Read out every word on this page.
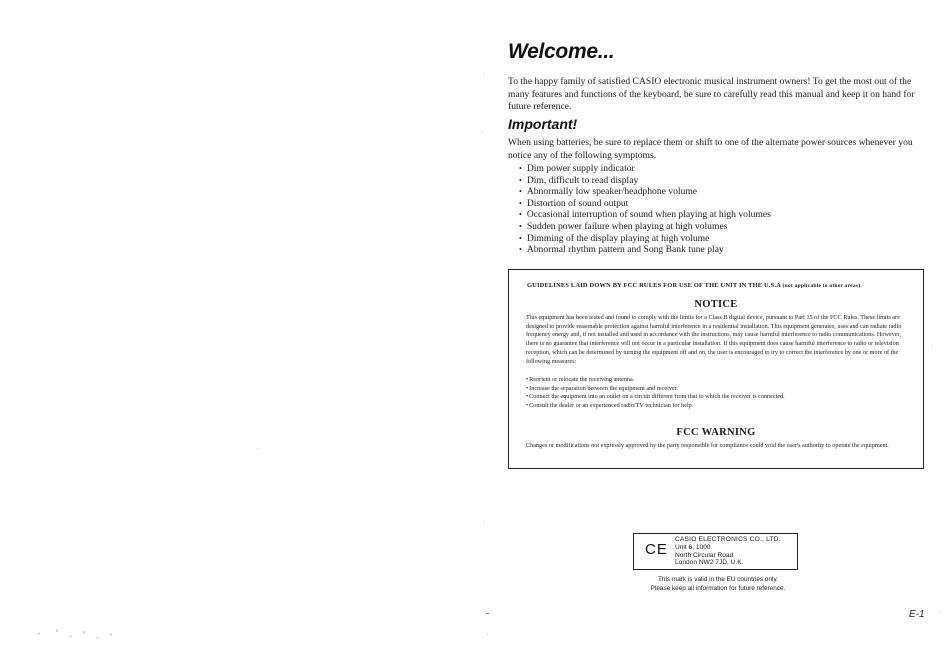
Welcome...

To the happy family of satisfied CASIO electronic musical instrument owners! To get the most out of the many features and functions of the keyboard, be sure to carefully read this manual and keep it on hand for future reference.

Important!

When using batteries, be sure to replace them or shift to one of the alternate power sources whenever you notice any of the following symptoms.

• Dim power supply indicator
• Dim, difficult to read display
• Abnormally low speaker/headphone volume
• Distortion of sound output
• Occasional interruption of sound when playing at high volumes
• Sudden power failure when playing at high volumes
• Dimming of the display playing at high volume
• Abnormal rhythm pattern and Song Bank tune play

GUIDELINES LAID DOWN BY FCC RULES FOR USE OF THE UNIT IN THE U.S.A (not applicable to other areas).

NOTICE

This equipment has been tested and found to comply with the limits for a Class B digital device, pursuant to Part 15 of the FCC Rules. These limits are designed to provide reasonable protection against harmful interference in a residential installation. This equipment generates, uses and can radiate radio frequency energy and, if not installed and used in accordance with the instructions, may cause harmful interference to radio communications. However, there is no guarantee that interference will not occur in a particular installation. If this equipment does cause harmful interference to radio or television reception, which can be determined by turning the equipment off and on, the user is encouraged to try to correct the interference by one or more of the following measures:

• Reorient or relocate the receiving antenna.
• Increase the separation between the equipment and receiver.
• Connect the equipment into an outlet on a circuit different from that to which the receiver is connected.
• Consult the dealer or an experienced radio/TV technician for help.
FCC WARNING

Changes or modifications not expressly approved by the party responsible for compliance could void the user's authority to operate the equipment.

CE

CASIO ELECTRONICS CO., LTD.
Unit 6, 1000
North Circular Road
London NW2 7JD, U.K.

This mark is valid in the EU countries only.
Please keep all information for future reference.

E-1
